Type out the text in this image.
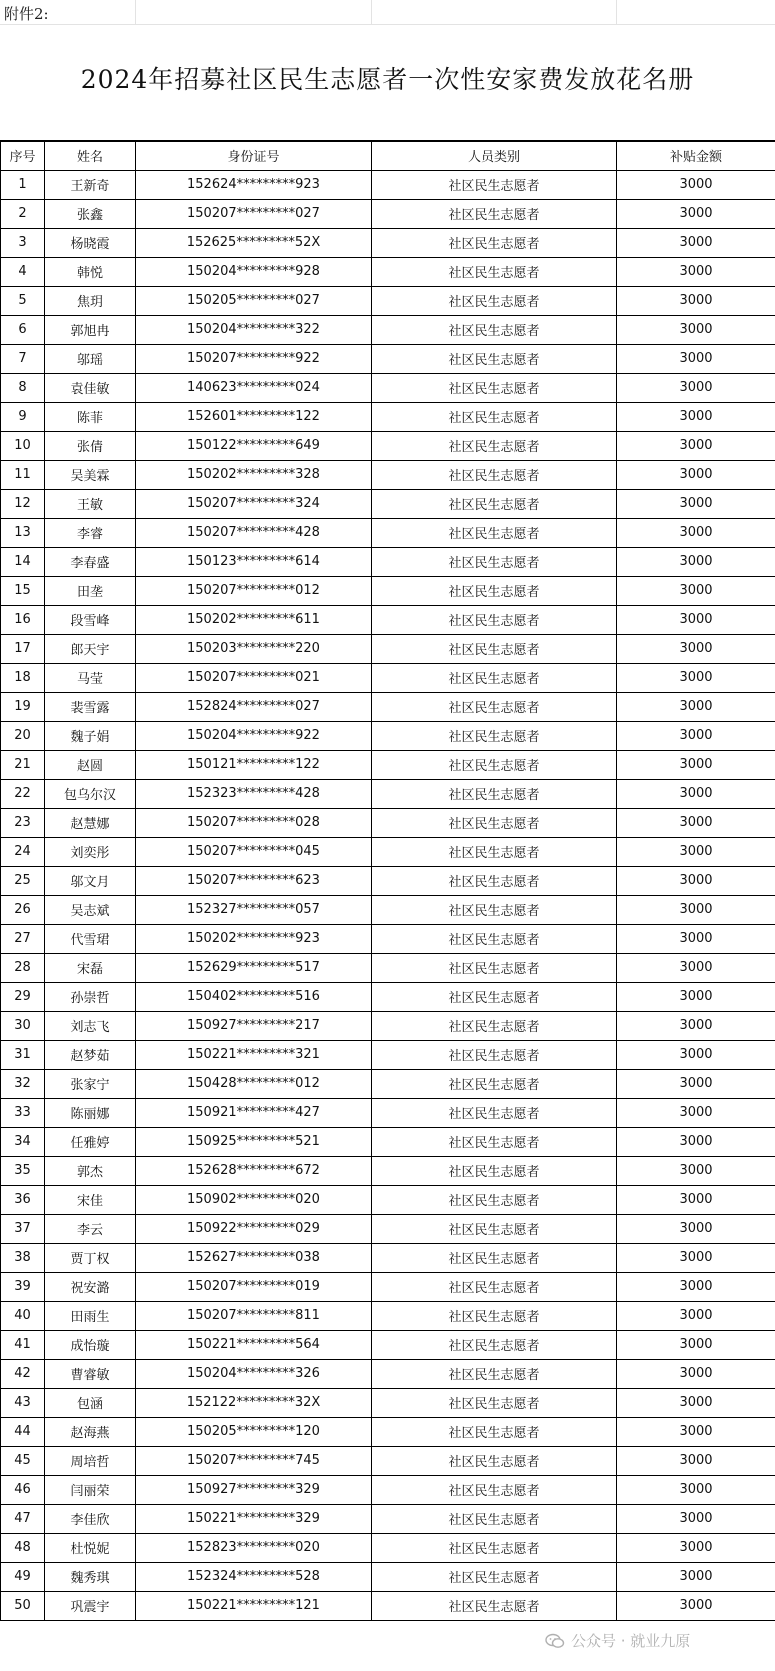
附件2:
2024年招募社区民生志愿者一次性安家费发放花名册
序号	姓名	身份证号	人员类别	补贴金额
1	王新奇	152624*********923	社区民生志愿者	3000
2	张鑫	150207*********027	社区民生志愿者	3000
3	杨晓霞	152625*********52X	社区民生志愿者	3000
4	韩悦	150204*********928	社区民生志愿者	3000
5	焦玥	150205*********027	社区民生志愿者	3000
6	郭旭冉	150204*********322	社区民生志愿者	3000
7	邬瑶	150207*********922	社区民生志愿者	3000
8	袁佳敏	140623*********024	社区民生志愿者	3000
9	陈菲	152601*********122	社区民生志愿者	3000
10	张倩	150122*********649	社区民生志愿者	3000
11	吴美霖	150202*********328	社区民生志愿者	3000
12	王敏	150207*********324	社区民生志愿者	3000
13	李睿	150207*********428	社区民生志愿者	3000
14	李春盛	150123*********614	社区民生志愿者	3000
15	田垄	150207*********012	社区民生志愿者	3000
16	段雪峰	150202*********611	社区民生志愿者	3000
17	郎天宇	150203*********220	社区民生志愿者	3000
18	马莹	150207*********021	社区民生志愿者	3000
19	裴雪露	152824*********027	社区民生志愿者	3000
20	魏子娟	150204*********922	社区民生志愿者	3000
21	赵圆	150121*********122	社区民生志愿者	3000
22	包乌尔汉	152323*********428	社区民生志愿者	3000
23	赵慧娜	150207*********028	社区民生志愿者	3000
24	刘奕彤	150207*********045	社区民生志愿者	3000
25	邬文月	150207*********623	社区民生志愿者	3000
26	吴志斌	152327*********057	社区民生志愿者	3000
27	代雪珺	150202*********923	社区民生志愿者	3000
28	宋磊	152629*********517	社区民生志愿者	3000
29	孙崇哲	150402*********516	社区民生志愿者	3000
30	刘志飞	150927*********217	社区民生志愿者	3000
31	赵梦茹	150221*********321	社区民生志愿者	3000
32	张家宁	150428*********012	社区民生志愿者	3000
33	陈丽娜	150921*********427	社区民生志愿者	3000
34	任雅婷	150925*********521	社区民生志愿者	3000
35	郭杰	152628*********672	社区民生志愿者	3000
36	宋佳	150902*********020	社区民生志愿者	3000
37	李云	150922*********029	社区民生志愿者	3000
38	贾丁权	152627*********038	社区民生志愿者	3000
39	祝安潞	150207*********019	社区民生志愿者	3000
40	田雨生	150207*********811	社区民生志愿者	3000
41	成怡璇	150221*********564	社区民生志愿者	3000
42	曹睿敏	150204*********326	社区民生志愿者	3000
43	包涵	152122*********32X	社区民生志愿者	3000
44	赵海燕	150205*********120	社区民生志愿者	3000
45	周培哲	150207*********745	社区民生志愿者	3000
46	闫丽荣	150927*********329	社区民生志愿者	3000
47	李佳欣	150221*********329	社区民生志愿者	3000
48	杜悦妮	152823*********020	社区民生志愿者	3000
49	魏秀琪	152324*********528	社区民生志愿者	3000
50	巩震宇	150221*********121	社区民生志愿者	3000
公众号 · 就业九原
